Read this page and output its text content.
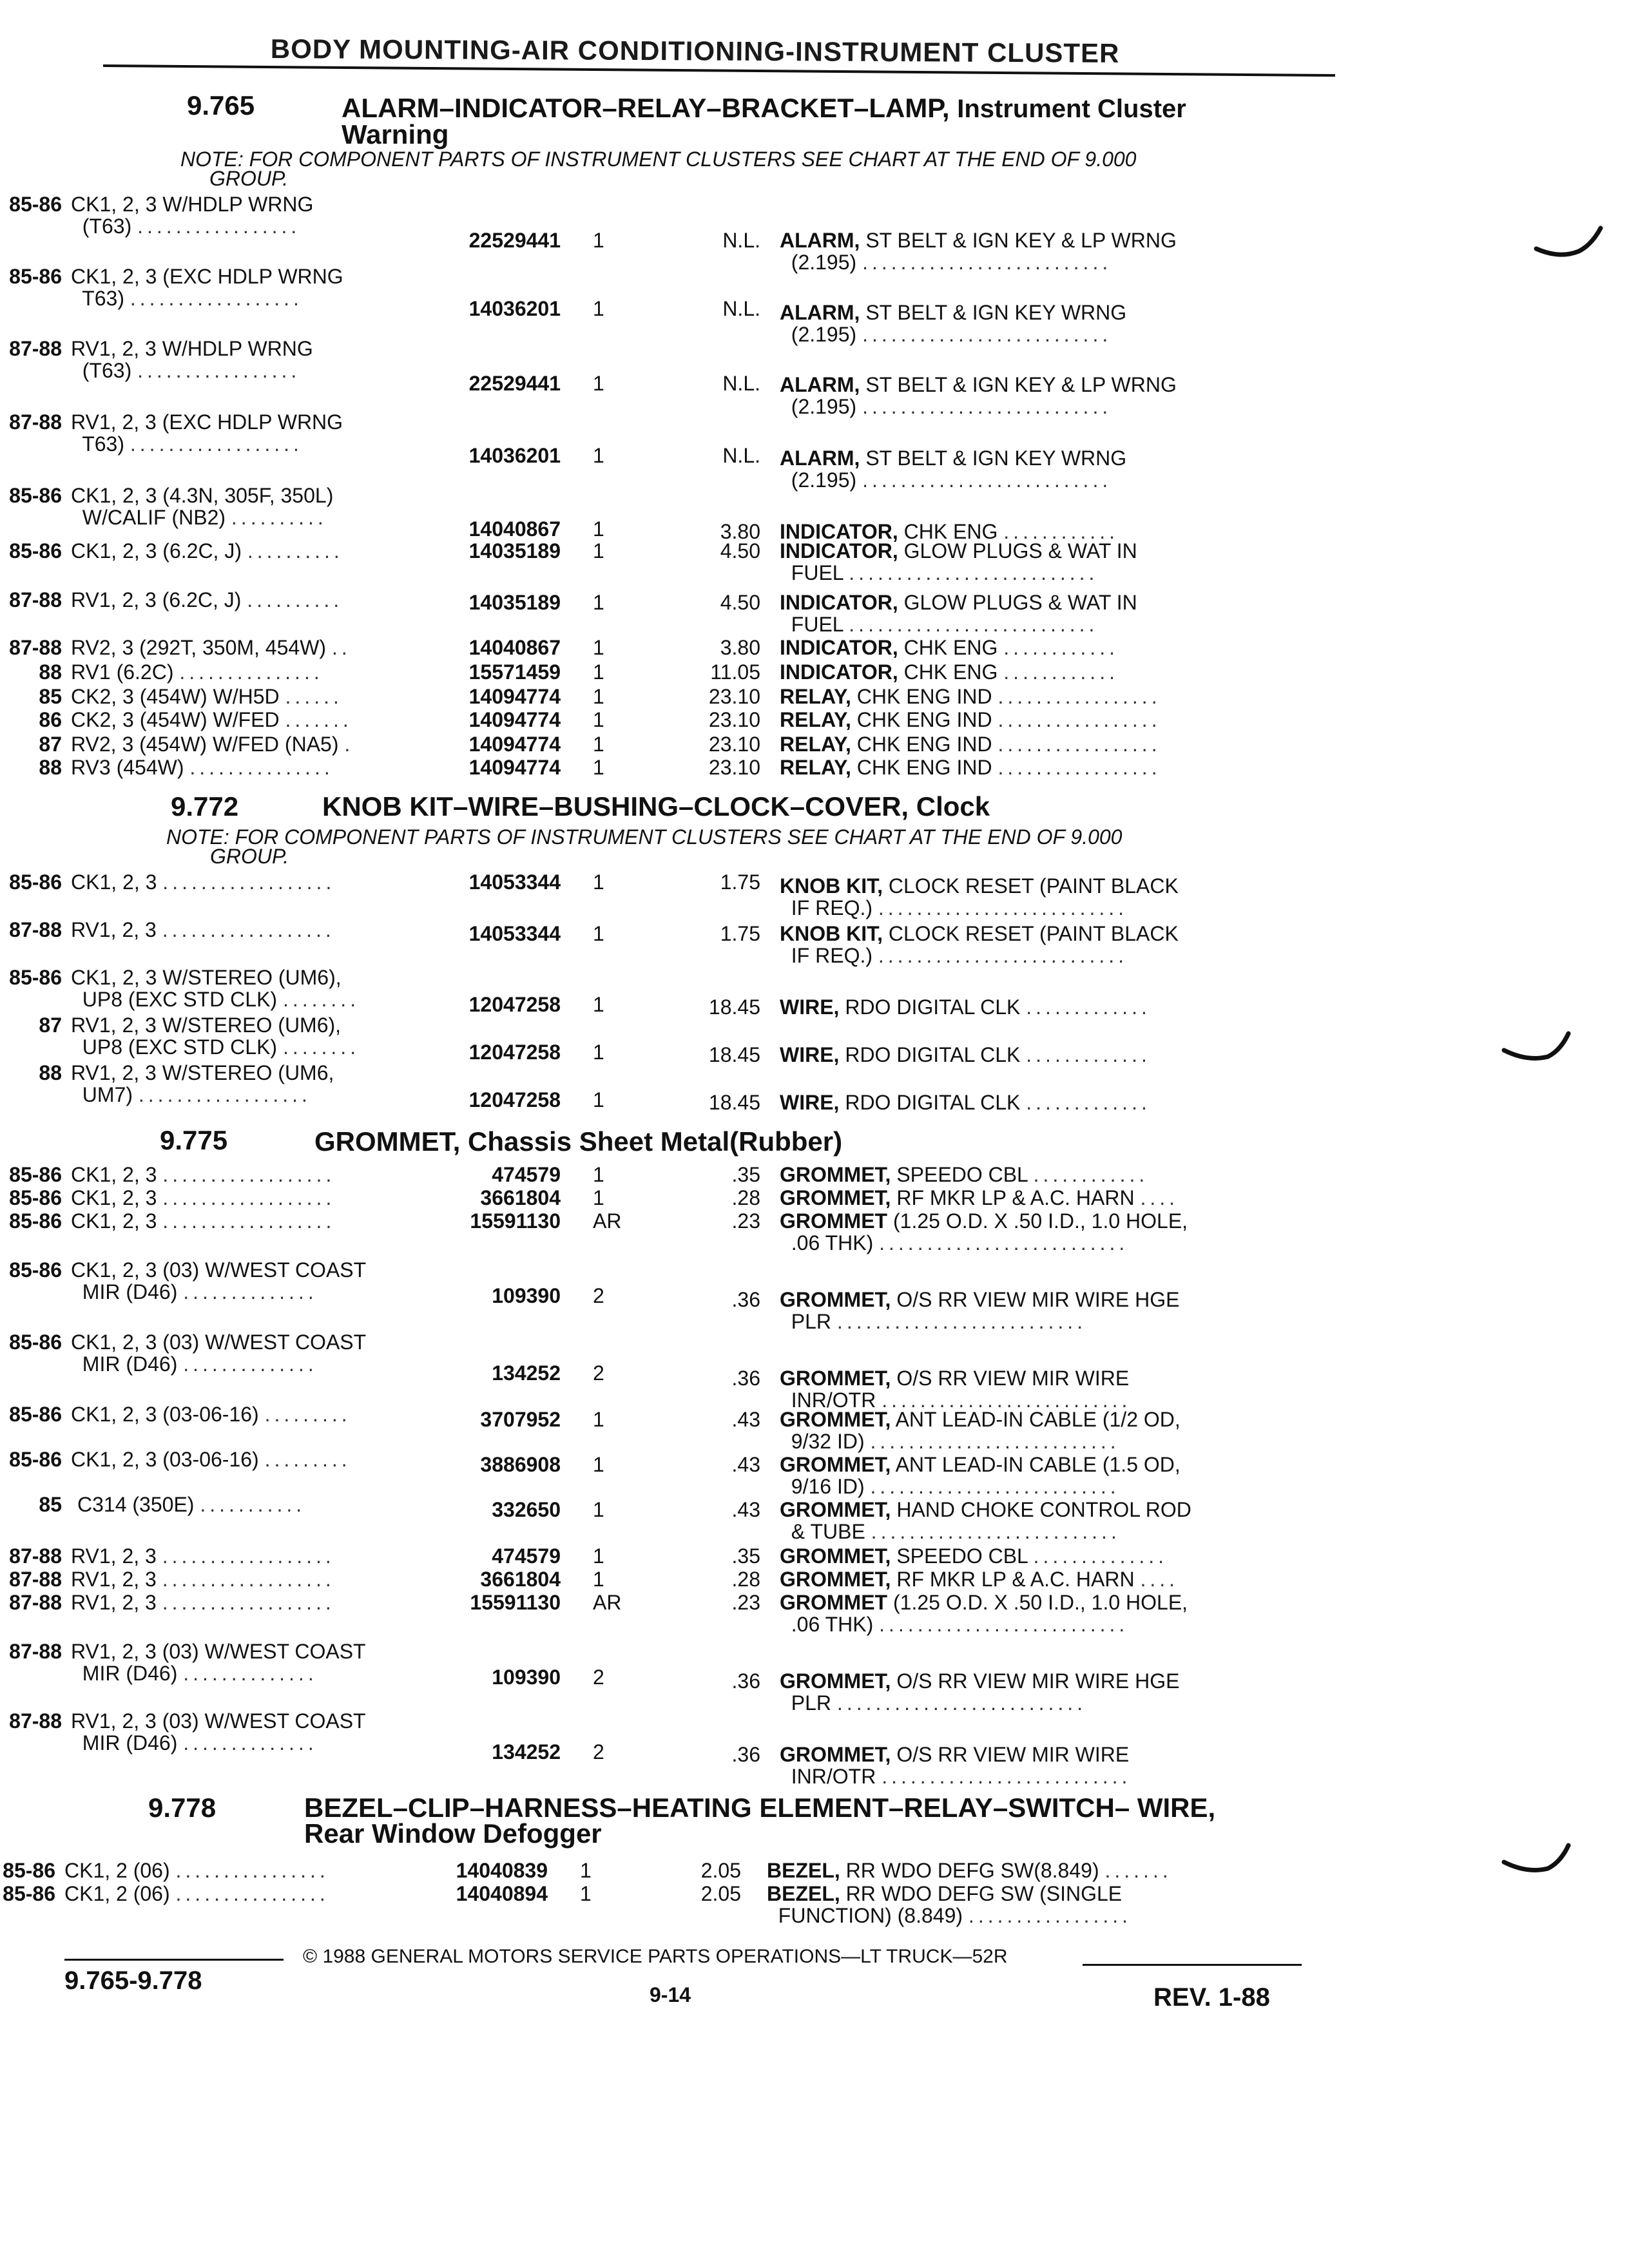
BODY MOUNTING-AIR CONDITIONING-INSTRUMENT CLUSTER
9.765	ALARM–INDICATOR–RELAY–BRACKET–LAMP, Instrument Cluster
Warning
NOTE: FOR COMPONENT PARTS OF INSTRUMENT CLUSTERS SEE CHART AT THE END OF 9.000
GROUP.
85-86 CK1, 2, 3 W/HDLP WRNG
(T63) .................
22529441 1	N.L. ALARM, ST BELT & IGN KEY & LP WRNG
(2.195) ..........................
85-86 CK1, 2, 3 (EXC HDLP WRNG
T63) ..................	14036201 1	N.L. ALARM, ST BELT & IGN KEY WRNG
(2.195) ..........................
87-88 RV1, 2, 3 W/HDLP WRNG
(T63) .................
22529441 1	N.L. ALARM, ST BELT & IGN KEY & LP WRNG
(2.195) ..........................
87-88 RV1, 2, 3 (EXC HDLP WRNG
T63) ..................	14036201 1	N.L. ALARM, ST BELT & IGN KEY WRNG
(2.195) ..........................
85-86 CK1, 2, 3 (4.3N, 305F, 350L)
W/CALIF (NB2) ..........	14040867 1	3.80 INDICATOR, CHK ENG ............
85-86 CK1, 2, 3 (6.2C, J) ..........	14035189 1	4.50 INDICATOR, GLOW PLUGS & WAT IN
FUEL ..........................
87-88 RV1, 2, 3 (6.2C, J) ..........	14035189 1	4.50 INDICATOR, GLOW PLUGS & WAT IN
FUEL ..........................
87-88 RV2, 3 (292T, 350M, 454W) ..	14040867 1	3.80 INDICATOR, CHK ENG ............
88 RV1 (6.2C) ...............	15571459 1	11.05 INDICATOR, CHK ENG ............
85 CK2, 3 (454W) W/H5D ......	14094774 1	23.10 RELAY, CHK ENG IND .................
86 CK2, 3 (454W) W/FED .......	14094774 1	23.10 RELAY, CHK ENG IND .................
87 RV2, 3 (454W) W/FED (NA5) .	14094774 1	23.10 RELAY, CHK ENG IND .................
88 RV3 (454W) ...............	14094774 1	23.10 RELAY, CHK ENG IND .................
9.772	KNOB KIT–WIRE–BUSHING–CLOCK–COVER, Clock
NOTE: FOR COMPONENT PARTS OF INSTRUMENT CLUSTERS SEE CHART AT THE END OF 9.000
GROUP.
85-86 CK1, 2, 3 ..................	14053344 1	1.75 KNOB KIT, CLOCK RESET (PAINT BLACK
IF REQ.) ..........................
87-88 RV1, 2, 3 ..................	14053344 1	1.75 KNOB KIT, CLOCK RESET (PAINT BLACK
IF REQ.) ..........................
85-86 CK1, 2, 3 W/STEREO (UM6),
UP8 (EXC STD CLK) ........	12047258 1	18.45 WIRE, RDO DIGITAL CLK .............
87 RV1, 2, 3 W/STEREO (UM6),
UP8 (EXC STD CLK) ........	12047258 1	18.45 WIRE, RDO DIGITAL CLK .............
88 RV1, 2, 3 W/STEREO (UM6,
UM7) ..................	12047258 1	18.45 WIRE, RDO DIGITAL CLK .............
9.775	GROMMET, Chassis Sheet Metal(Rubber)
85-86 CK1, 2, 3 ..................	474579 1	.35 GROMMET, SPEEDO CBL ............
85-86 CK1, 2, 3 ..................	3661804 1	.28 GROMMET, RF MKR LP & A.C. HARN ....
85-86 CK1, 2, 3 ..................	15591130 AR	.23 GROMMET (1.25 O.D. X .50 I.D., 1.0 HOLE,
.06 THK) ..........................
85-86 CK1, 2, 3 (03) W/WEST COAST
MIR (D46) ..............	109390 2	.36 GROMMET, O/S RR VIEW MIR WIRE HGE
PLR ..........................
85-86 CK1, 2, 3 (03) W/WEST COAST
MIR (D46) ..............	134252 2	.36 GROMMET, O/S RR VIEW MIR WIRE
INR/OTR ..........................
85-86 CK1, 2, 3 (03-06-16) .........	3707952 1	.43 GROMMET, ANT LEAD-IN CABLE (1/2 OD,
9/32 ID) ..........................
85-86 CK1, 2, 3 (03-06-16) .........	3886908 1	.43 GROMMET, ANT LEAD-IN CABLE (1.5 OD,
9/16 ID) ..........................
85 C314 (350E) ...........	332650 1	.43 GROMMET, HAND CHOKE CONTROL ROD
& TUBE ..........................
87-88 RV1, 2, 3 ..................	474579 1	.35 GROMMET, SPEEDO CBL ..............
87-88 RV1, 2, 3 ..................	3661804 1	.28 GROMMET, RF MKR LP & A.C. HARN ....
87-88 RV1, 2, 3 ..................	15591130 AR	.23 GROMMET (1.25 O.D. X .50 I.D., 1.0 HOLE,
.06 THK) ..........................
87-88 RV1, 2, 3 (03) W/WEST COAST
MIR (D46) ..............	109390 2	.36 GROMMET, O/S RR VIEW MIR WIRE HGE
PLR ..........................
87-88 RV1, 2, 3 (03) W/WEST COAST
MIR (D46) ..............	134252 2	.36 GROMMET, O/S RR VIEW MIR WIRE
INR/OTR ..........................
9.778	BEZEL–CLIP–HARNESS–HEATING ELEMENT–RELAY–SWITCH– WIRE,
Rear Window Defogger
85-86 CK1, 2 (06) ................	14040839 1	2.05 BEZEL, RR WDO DEFG SW(8.849) .......
85-86 CK1, 2 (06) ................	14040894 1	2.05 BEZEL, RR WDO DEFG SW (SINGLE
FUNCTION) (8.849) .................
9.765-9.778
© 1988 GENERAL MOTORS SERVICE PARTS OPERATIONS—LT TRUCK—52R
9-14	REV. 1-88
